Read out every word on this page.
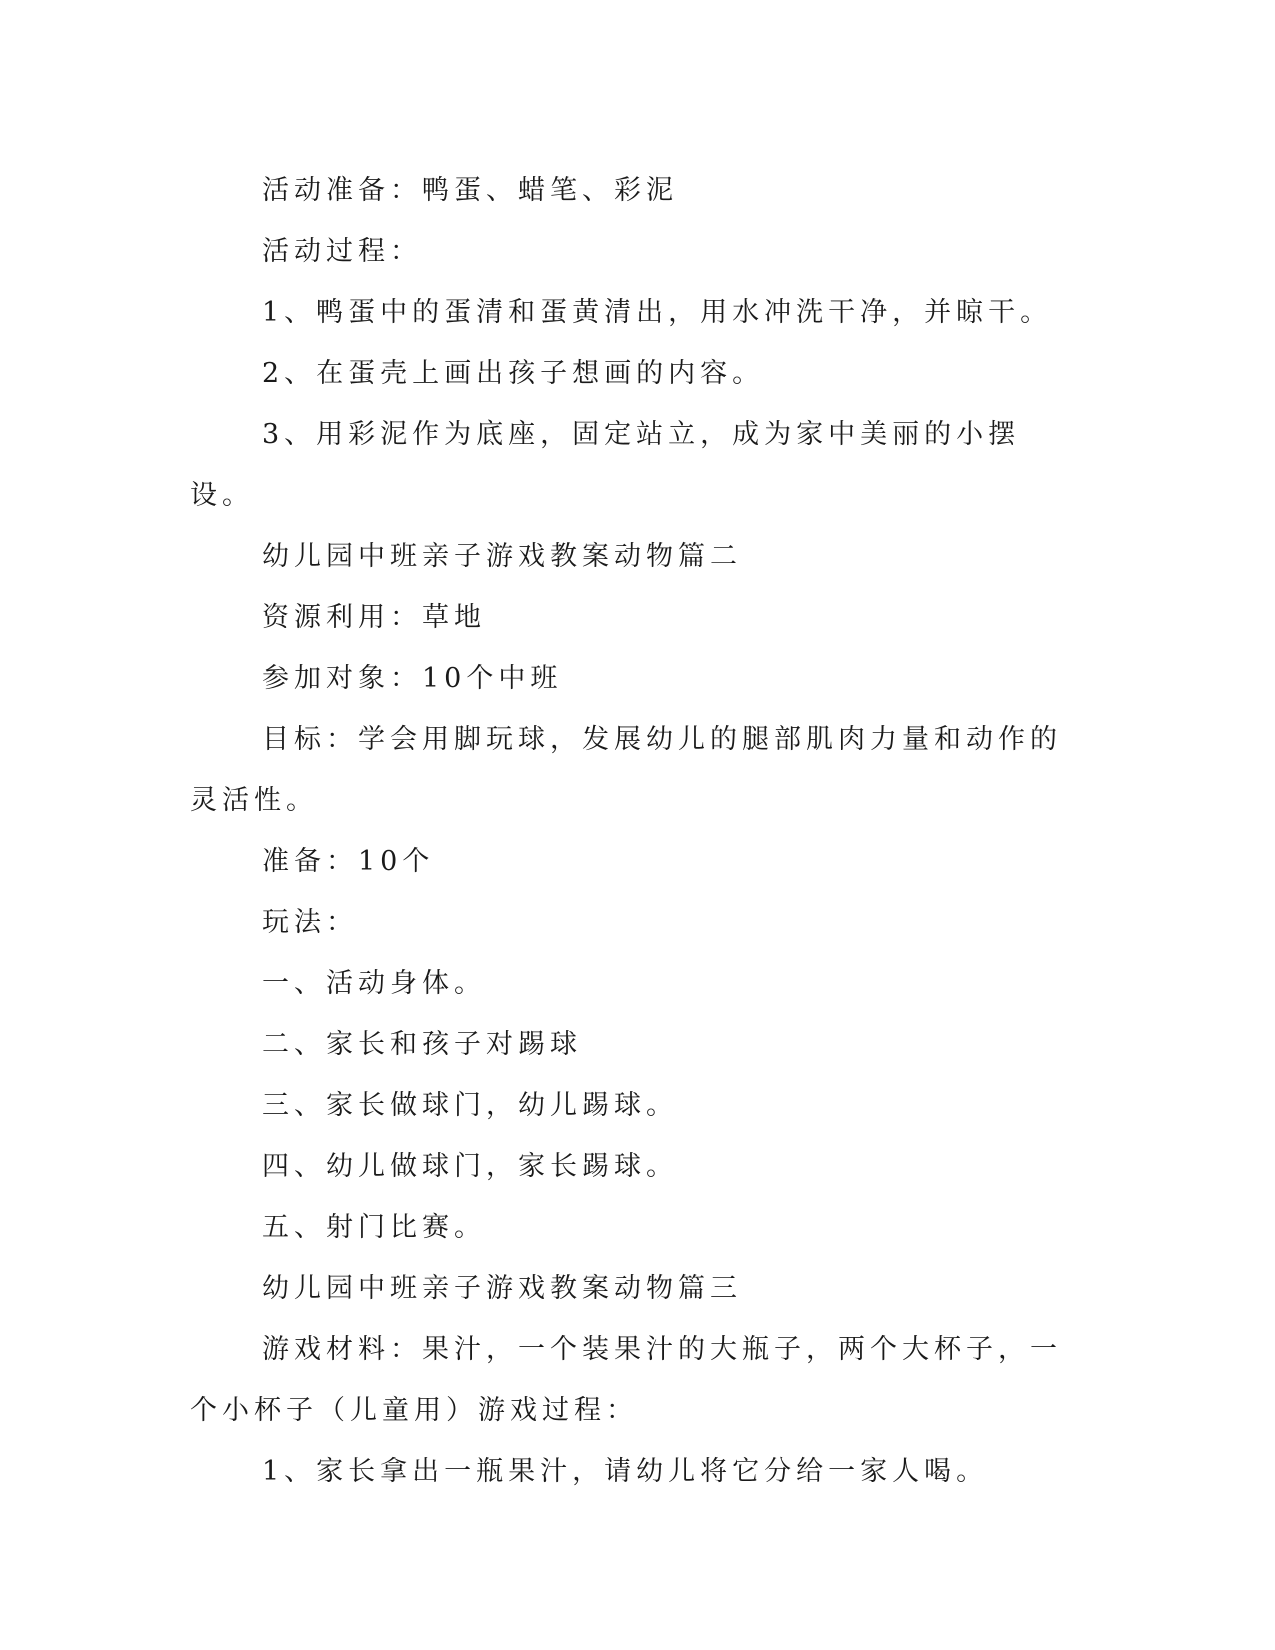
活动准备：鸭蛋、蜡笔、彩泥

活动过程：

1、鸭蛋中的蛋清和蛋黄清出，用水冲洗干净，并晾干。

2、在蛋壳上画出孩子想画的内容。

3、用彩泥作为底座，固定站立，成为家中美丽的小摆设。

幼儿园中班亲子游戏教案动物篇二

资源利用：草地

参加对象：10个中班

目标：学会用脚玩球，发展幼儿的腿部肌肉力量和动作的灵活性。

准备：10个

玩法：

一、活动身体。

二、家长和孩子对踢球

三、家长做球门，幼儿踢球。

四、幼儿做球门，家长踢球。

五、射门比赛。

幼儿园中班亲子游戏教案动物篇三

游戏材料：果汁，一个装果汁的大瓶子，两个大杯子，一个小杯子（儿童用）游戏过程：

1、家长拿出一瓶果汁，请幼儿将它分给一家人喝。
